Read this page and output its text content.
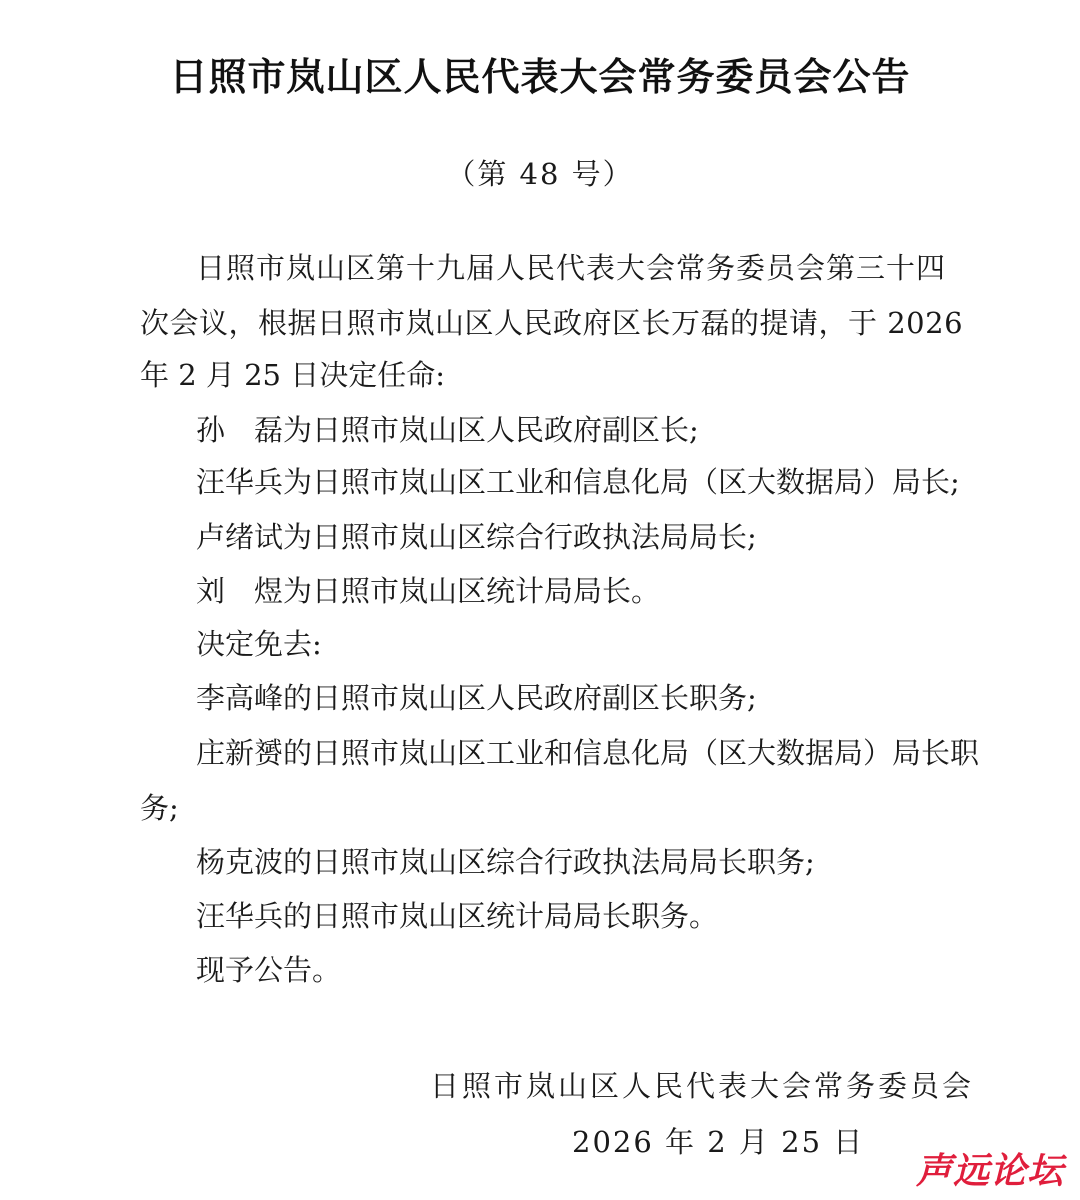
日照市岚山区人民代表大会常务委员会公告
（第 48 号）
日照市岚山区第十九届人民代表大会常务委员会第三十四
次会议，根据日照市岚山区人民政府区长万磊的提请，于 2026
年 2 月 25 日决定任命:
孙　磊为日照市岚山区人民政府副区长;
汪华兵为日照市岚山区工业和信息化局（区大数据局）局长;
卢绪试为日照市岚山区综合行政执法局局长;
刘　煜为日照市岚山区统计局局长。
决定免去:
李高峰的日照市岚山区人民政府副区长职务;
庄新赟的日照市岚山区工业和信息化局（区大数据局）局长职
务;
杨克波的日照市岚山区综合行政执法局局长职务;
汪华兵的日照市岚山区统计局局长职务。
现予公告。
日照市岚山区人民代表大会常务委员会
2026 年 2 月 25 日
声远论坛
